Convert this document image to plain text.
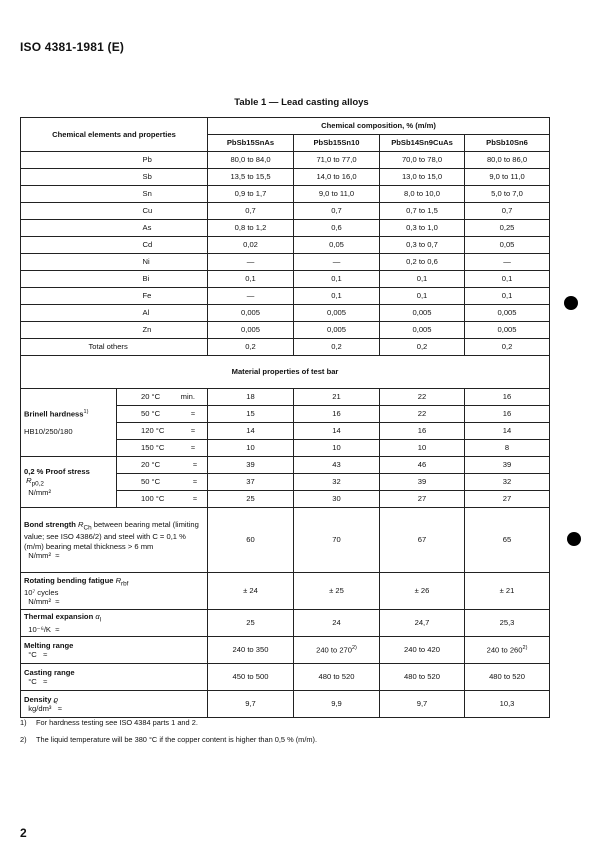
ISO 4381-1981 (E)
Table 1 — Lead casting alloys
Chemical elements and properties	Chemical composition, % (m/m)
PbSb15SnAs	PbSb15Sn10	PbSb14Sn9CuAs	PbSb10Sn6
	Pb	80,0 to 84,0	71,0 to 77,0	70,0 to 78,0	80,0 to 86,0
	Sb	13,5 to 15,5	14,0 to 16,0	13,0 to 15,0	9,0 to 11,0
	Sn	0,9 to 1,7	9,0 to 11,0	8,0 to 10,0	5,0 to 7,0
	Cu	0,7	0,7	0,7 to 1,5	0,7
	As	0,8 to 1,2	0,6	0,3 to 1,0	0,25
	Cd	0,02	0,05	0,3 to 0,7	0,05
	Ni	—	—	0,2 to 0,6	—
	Bi	0,1	0,1	0,1	0,1
	Fe	—	0,1	0,1	0,1
	Al	0,005	0,005	0,005	0,005
	Zn	0,005	0,005	0,005	0,005
	Total others	0,2	0,2	0,2	0,2
Material properties of test bar
Brinell hardness$^{1)}$

HB10/250/180	20 °C	min.	18	21	22	16

50 °C	≈	15	16	22	16

120 °C	≈	14	14	16	14

150 °C	≈	10	10	10	8
0,2 % Proof stress
$R_{p0,2}$
N/mm²	20 °C	≈	39	43	46	39

50 °C	≈	37	32	39	32

100 °C	≈	25	30	27	27
Bond strength $R_{Ch}$ between bearing metal (limiting value; see ISO 4386/2) and steel with C = 0,1 % (m/m) bearing metal thickness > 6 mm
N/mm² ≈	60	70	67	65
Rotating bending fatigue $R_{rbf}$
10⁷ cycles
N/mm² ≈	± 24	± 25	± 26	± 21
Thermal expansion $\alpha_l$
10⁻⁶/K ≈	25	24	24,7	25,3
Melting range
°C ≈	240 to 350	240 to 270$^{2)}$	240 to 420	240 to 260$^{2)}$
Casting range
°C ≈	450 to 500	480 to 520	480 to 520	480 to 520
Density ϱ
kg/dm³ ≈	9,7	9,9	9,7	10,3
1) For hardness testing see ISO 4384 parts 1 and 2.
2) The liquid temperature will be 380 °C if the copper content is higher than 0,5 % (m/m).
2
